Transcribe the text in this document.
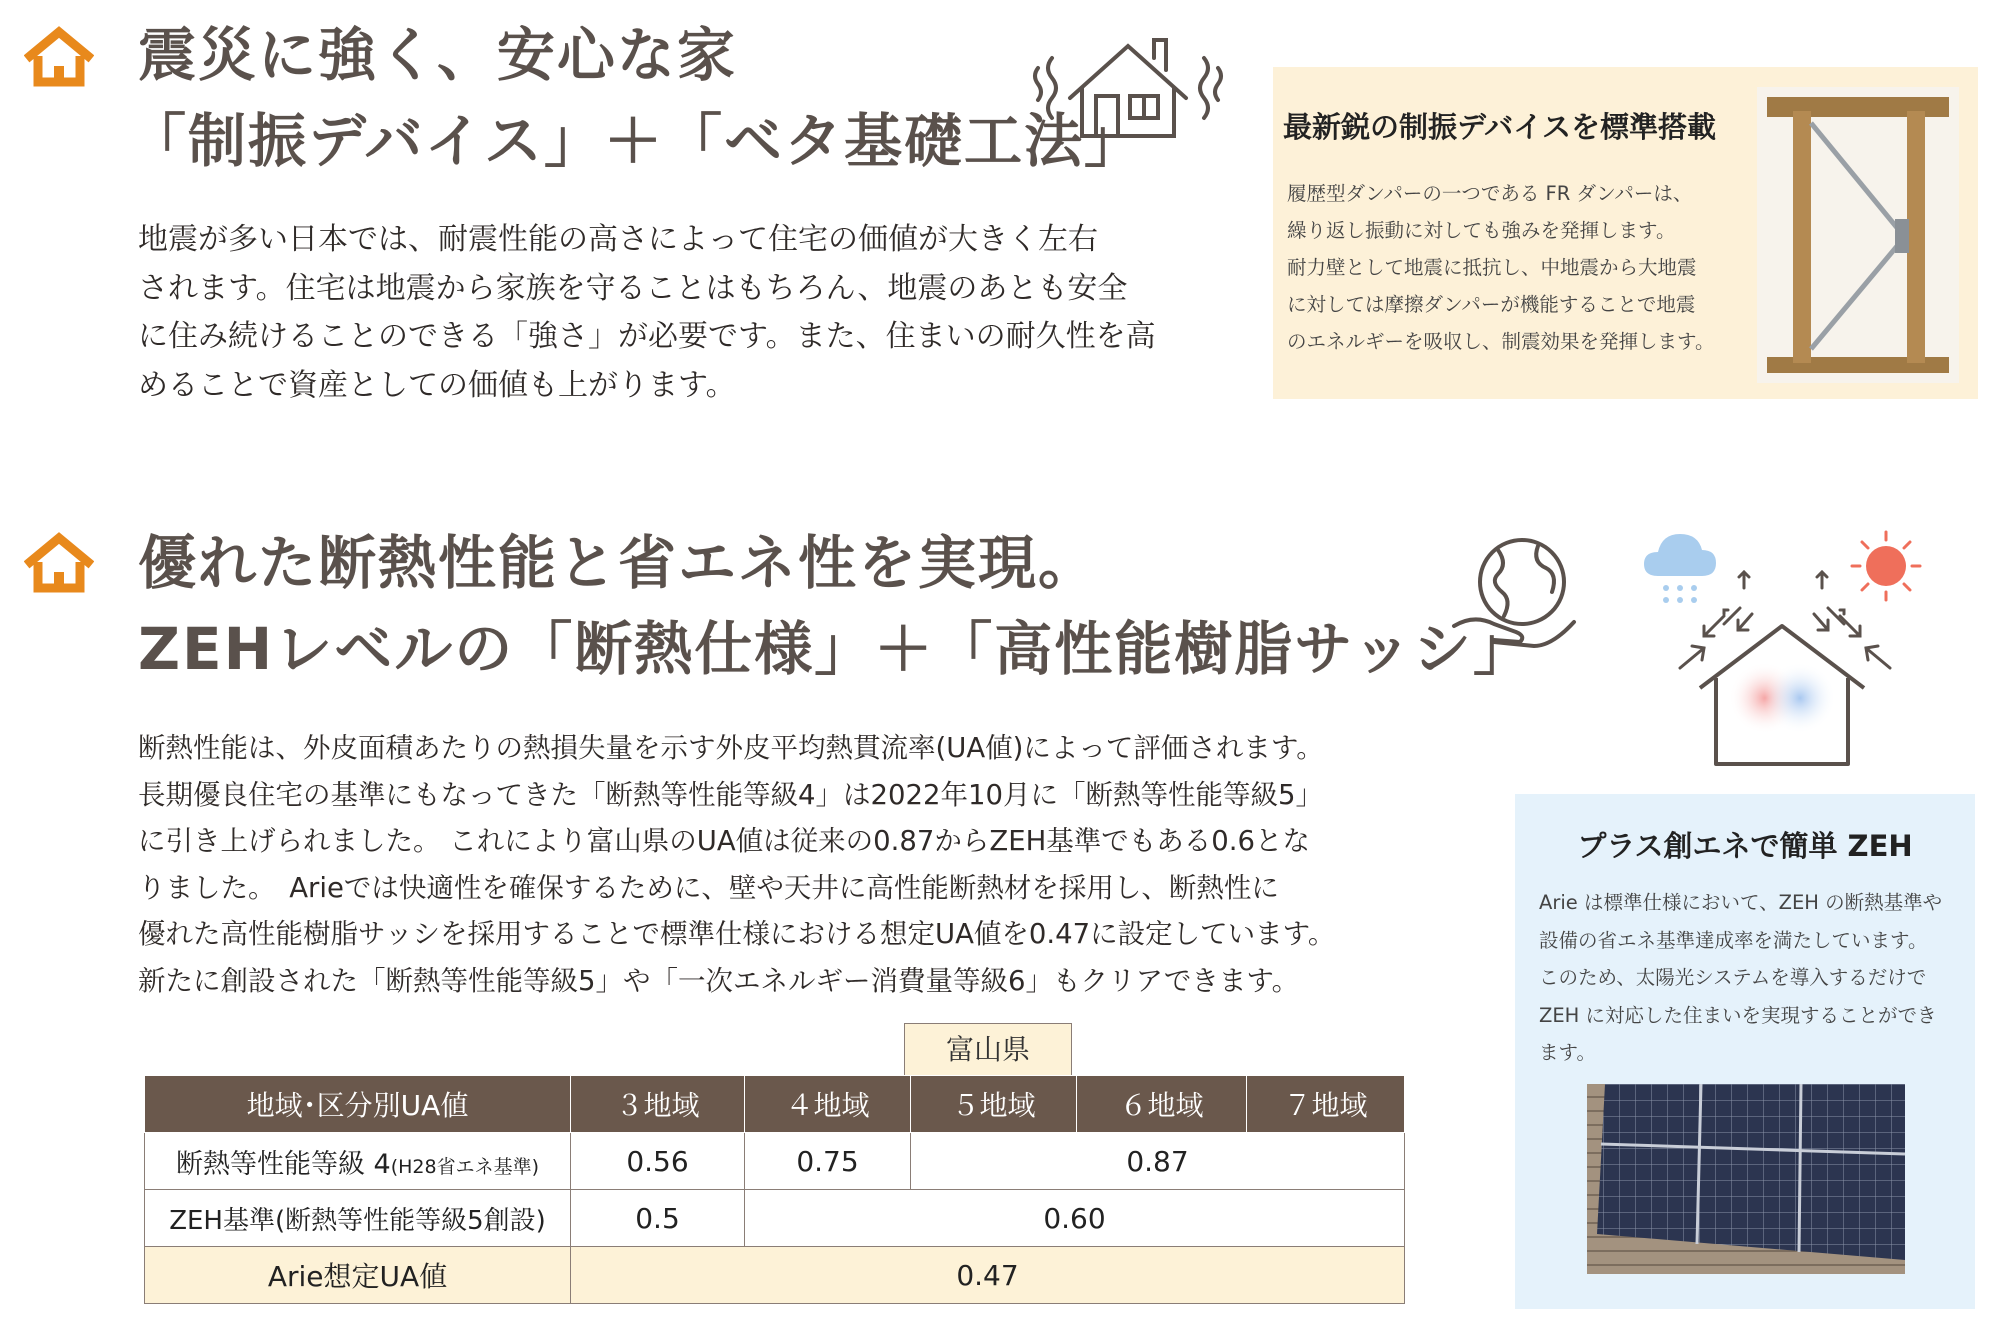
震災に強く、安心な家
「制振デバイス」＋「ベタ基礎工法」
地震が多い日本では、耐震性能の高さによって住宅の価値が大きく左右
されます。住宅は地震から家族を守ることはもちろん、地震のあとも安全
に住み続けることのできる「強さ」が必要です。また、住まいの耐久性を高
めることで資産としての価値も上がります。
最新鋭の制振デバイスを標準搭載
履歴型ダンパーの一つである FR ダンパーは、
繰り返し振動に対しても強みを発揮します。
耐力壁として地震に抵抗し、中地震から大地震
に対しては摩擦ダンパーが機能することで地震
のエネルギーを吸収し、制震効果を発揮します。
優れた断熱性能と省エネ性を実現。
ZEHレベルの「断熱仕様」＋「高性能樹脂サッシ」
断熱性能は、外皮面積あたりの熱損失量を示す外皮平均熱貫流率(UA値)によって評価されます。
長期優良住宅の基準にもなってきた「断熱等性能等級4」は2022年10月に「断熱等性能等級5」
に引き上げられました。 これにより富山県のUA値は従来の0.87からZEH基準でもある0.6とな
りました。　Arieでは快適性を確保するために、壁や天井に高性能断熱材を採用し、断熱性に
優れた高性能樹脂サッシを採用することで標準仕様における想定UA値を0.47に設定しています。
新たに創設された「断熱等性能等級5」や「一次エネルギー消費量等級6」もクリアできます。
富山県
地域･区分別UA値	３地域	４地域	５地域	６地域	７地域
断熱等性能等級 4(H28省エネ基準)	0.56	0.75	0.87		
ZEH基準(断熱等性能等級5創設)	0.5	0.60			
Arie想定UA値	0.47				
プラス創エネで簡単 ZEH
Arie は標準仕様において、ZEH の断熱基準や
設備の省エネ基準達成率を満たしています。
このため、太陽光システムを導入するだけで
ZEH に対応した住まいを実現することができ
ます。
